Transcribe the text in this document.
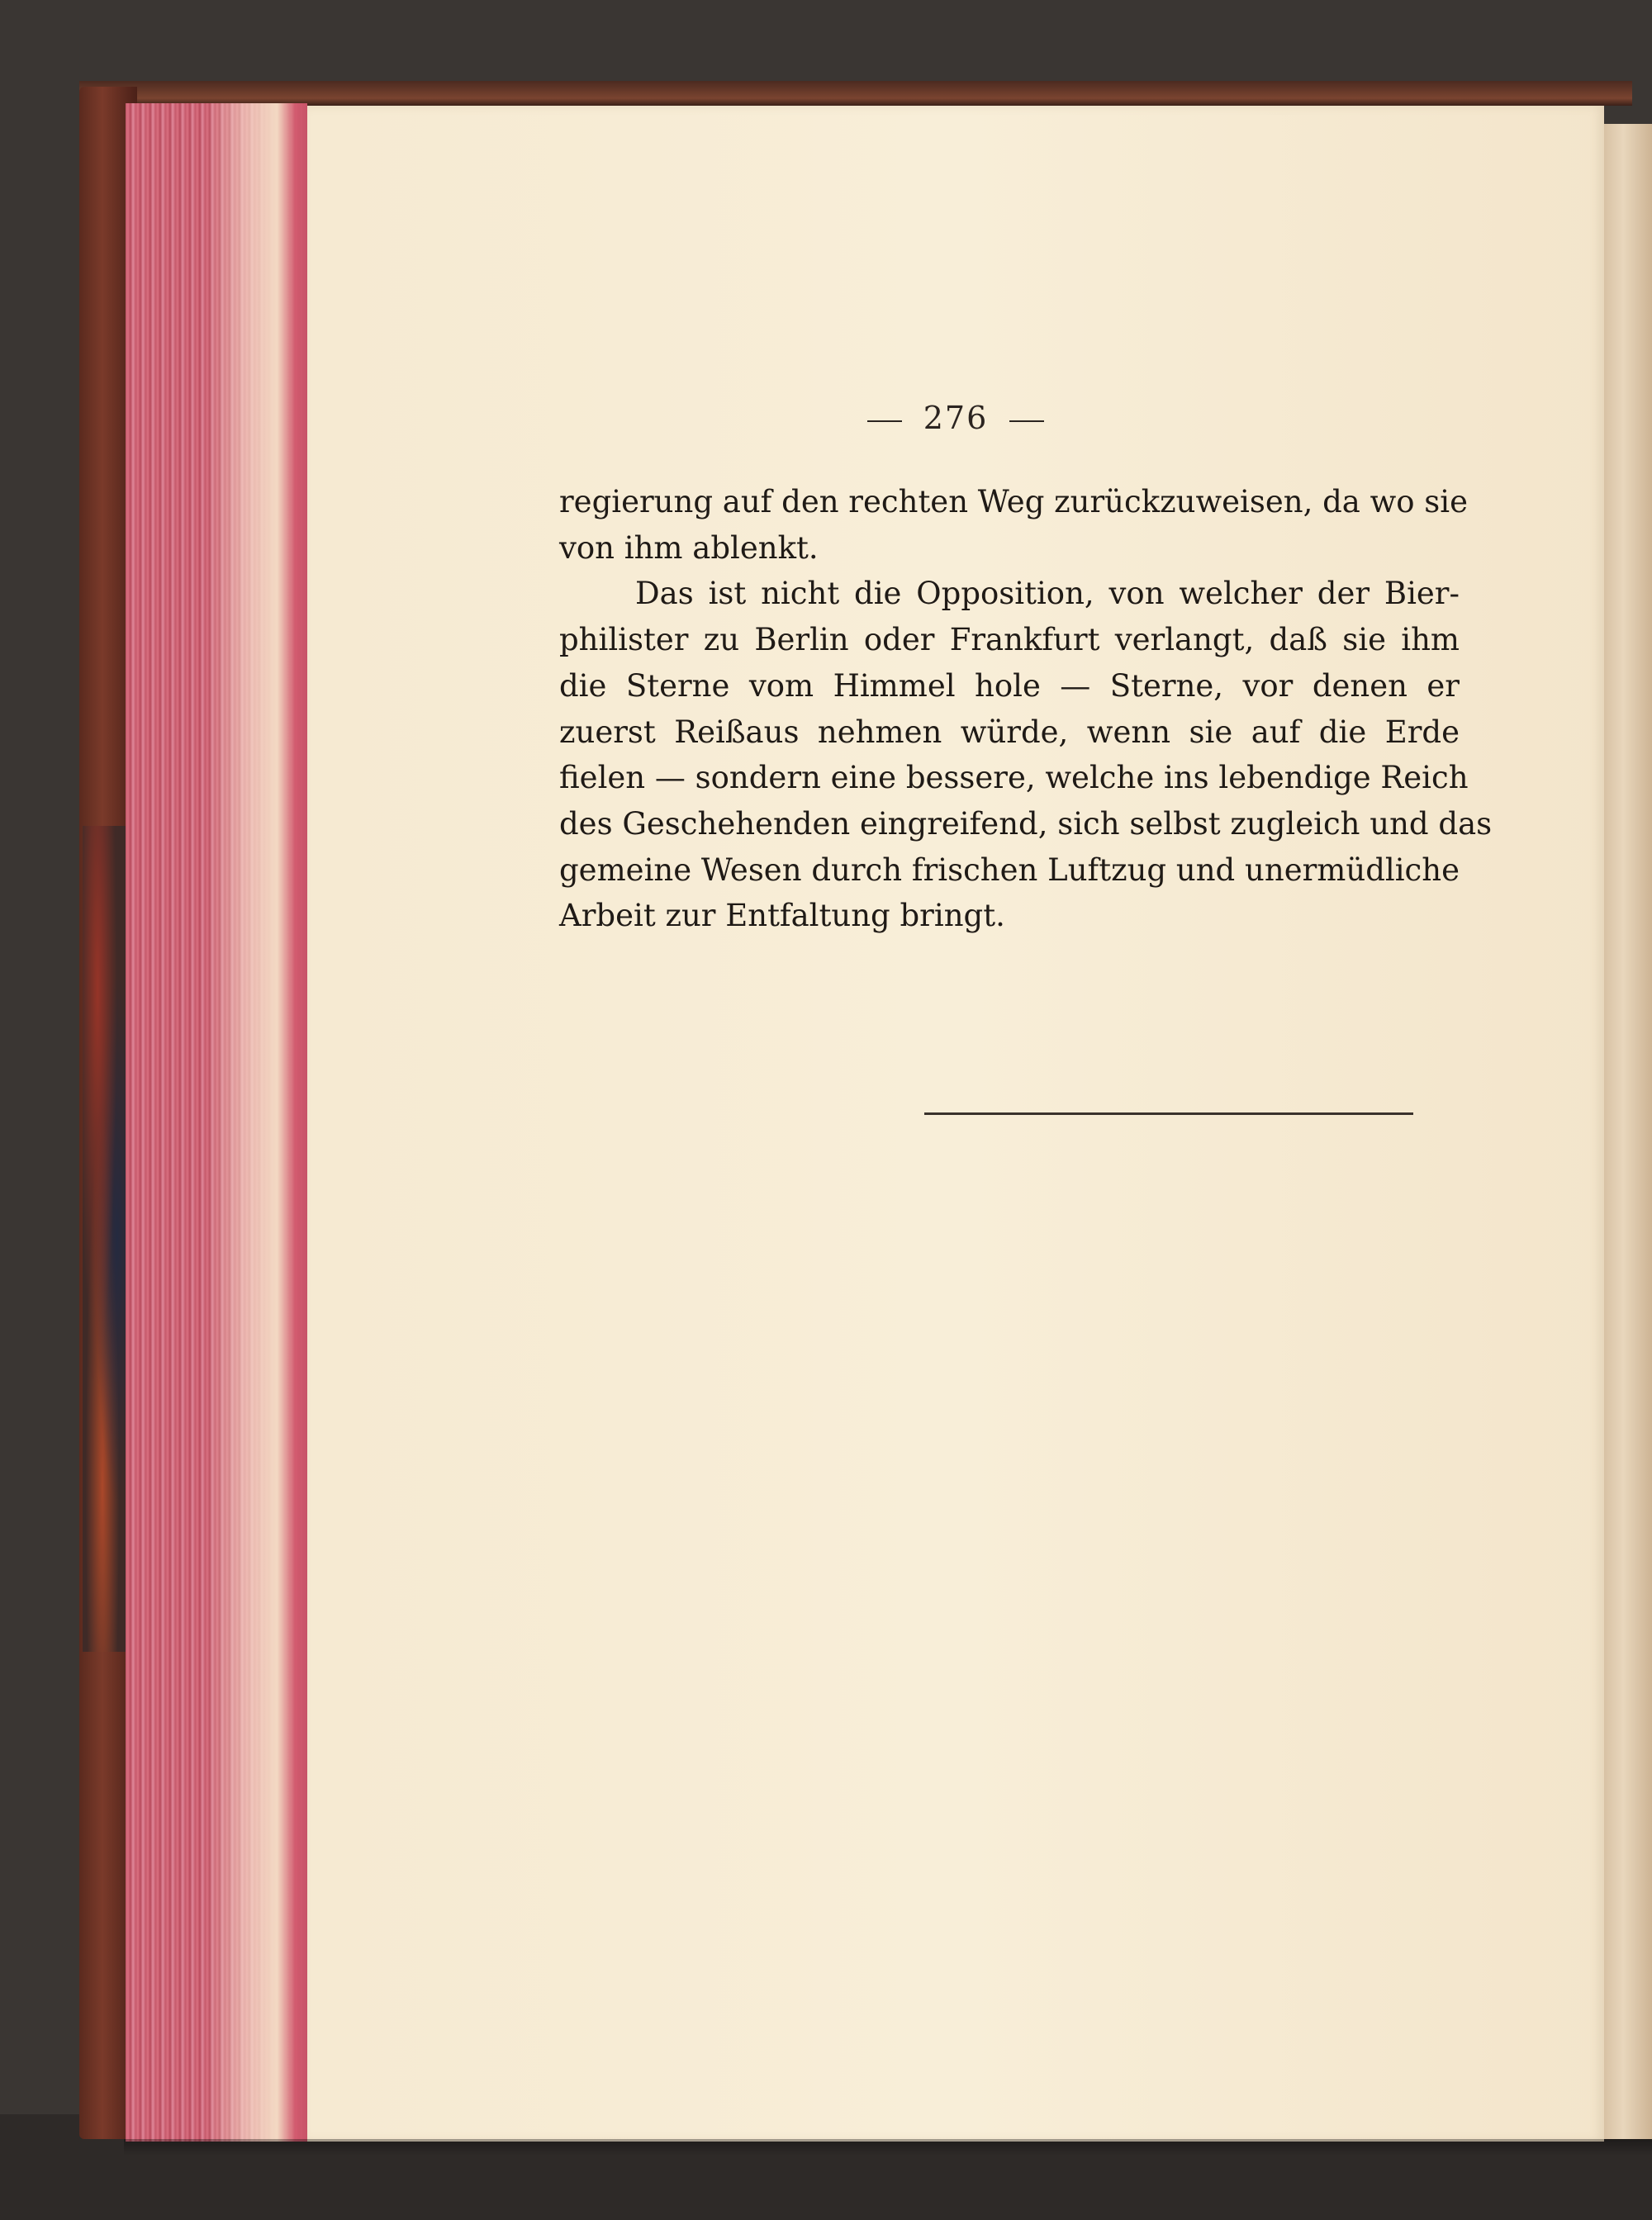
276
regierung auf den rechten Weg zurückzuweisen, da wo sie
von ihm ablenkt.
Das ist nicht die Opposition, von welcher der Bier-
philister zu Berlin oder Frankfurt verlangt, daß sie ihm
die Sterne vom Himmel hole — Sterne, vor denen er
zuerst Reißaus nehmen würde, wenn sie auf die Erde
fielen — sondern eine bessere, welche ins lebendige Reich
des Geschehenden eingreifend, sich selbst zugleich und das
gemeine Wesen durch frischen Luftzug und unermüdliche
Arbeit zur Entfaltung bringt.
